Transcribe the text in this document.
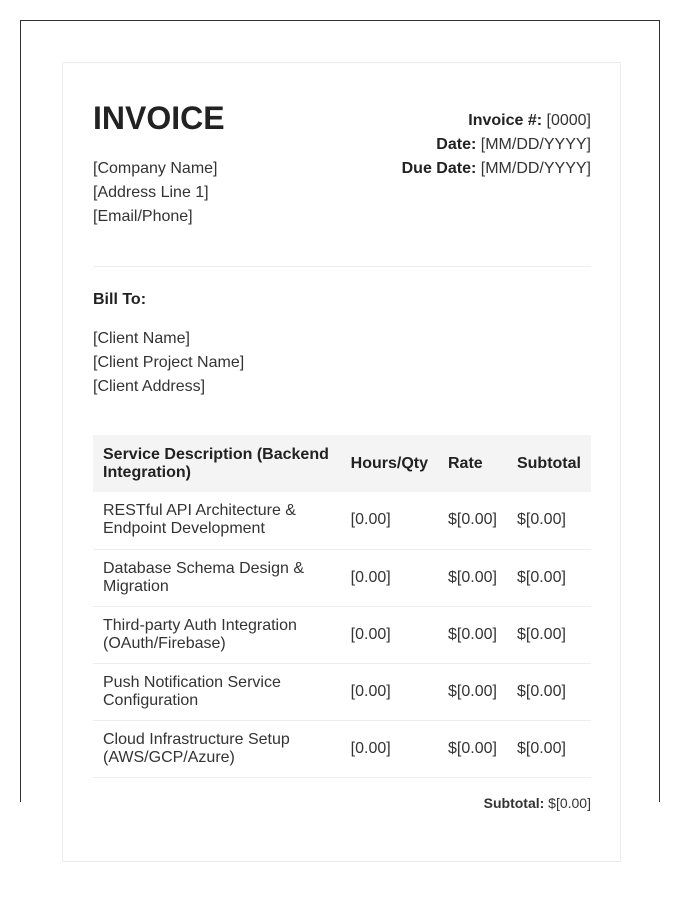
INVOICE
[Company Name]
[Address Line 1]
[Email/Phone]
Invoice #: [0000]
Date: [MM/DD/YYYY]
Due Date: [MM/DD/YYYY]
Bill To:
[Client Name]
[Client Project Name]
[Client Address]
Service Description (Backend Integration)	Hours/Qty	Rate	Subtotal
RESTful API Architecture & Endpoint Development	[0.00]	$[0.00]	$[0.00]
Database Schema Design & Migration	[0.00]	$[0.00]	$[0.00]
Third-party Auth Integration (OAuth/Firebase)	[0.00]	$[0.00]	$[0.00]
Push Notification Service Configuration	[0.00]	$[0.00]	$[0.00]
Cloud Infrastructure Setup (AWS/GCP/Azure)	[0.00]	$[0.00]	$[0.00]
Subtotal: $[0.00]
